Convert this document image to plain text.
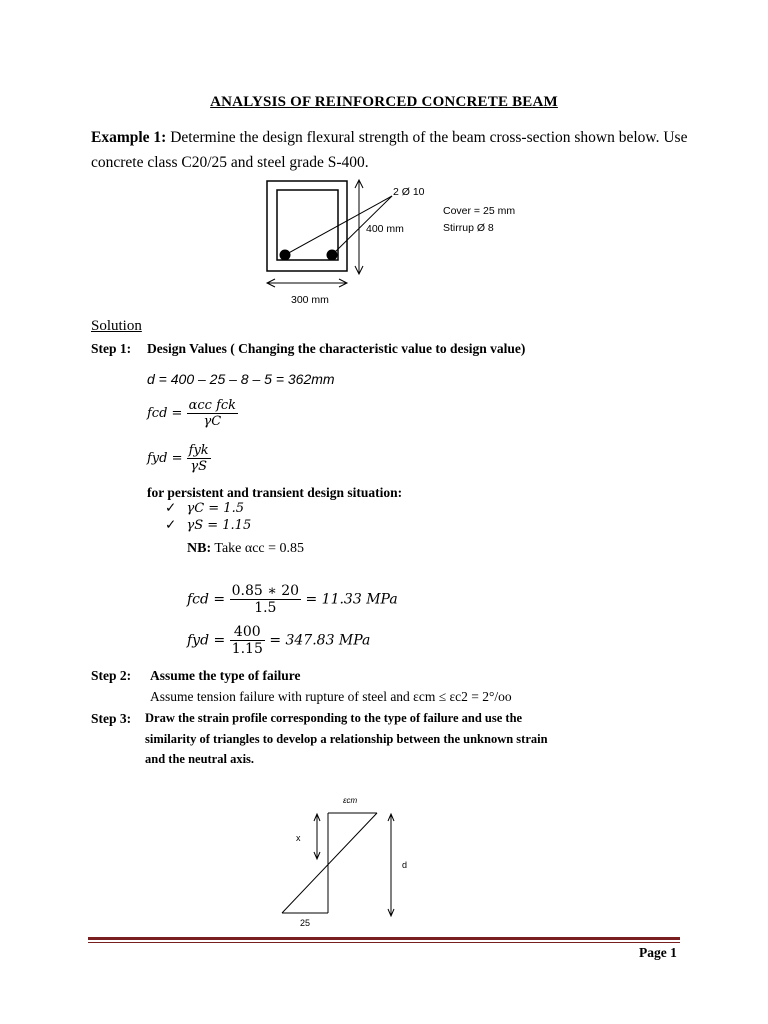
ANALYSIS OF REINFORCED CONCRETE BEAM
Example 1: Determine the design flexural strength of the beam cross-section shown below. Use
concrete class C20/25 and steel grade S-400.
2 Ø 10
Cover = 25 mm
Stirrup Ø 8
400 mm
300 mm
Solution
Step 1: Design Values ( Changing the characteristic value to design value)
d = 400 – 25 – 8 – 5 = 362mm
fcd = $\frac{\text{αcc fck}}{\gamma C}$
fyd = $\frac{\text{fyk}}{\gamma S}$
for persistent and transient design situation:
✓ γC = 1.5
✓ γS = 1.15
NB: Take αcc = 0.85
fcd = $\frac{0.85 ∗ 20}{1.5} = 11.33$ MPa
fyd = $\frac{400}{1.15} = 347.83$ MPa
Step 2: Assume the type of failure
Assume tension failure with rupture of steel and εcm ≤ εc2 = 2°/oo
Step 3: Draw the strain profile corresponding to the type of failure and use the
similarity of triangles to develop a relationship between the unknown strain
and the neutral axis.
εcm
x
d
25
Page 1
